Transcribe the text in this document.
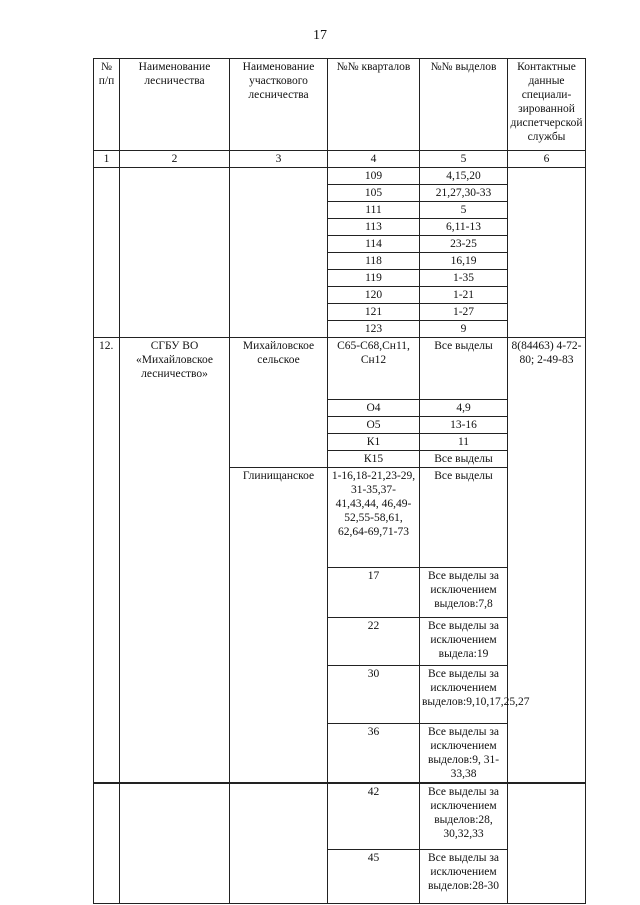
17
№ п/п	Наименование лесничества	Наименование участкового лесничества	№№ кварталов	№№ выделов	Контактные данные специали-зированной диспетчерской службы
1	2	3	4	5	6
			109	4,15,20	
			105	21,27,30-33	
			111	5	
			113	6,11-13	
			114	23-25	
			118	16,19	
			119	1-35	
			120	1-21	
			121	1-27	
			123	9	
12.	СГБУ ВО «Михайловское лесничество»	Михайловское сельское	С65-С68,Сн11, Сн12	Все выделы	8(84463) 4-72-80; 2-49-83
			О4	4,9	
			О5	13-16	
			К1	11	
			К15	Все выделы	
		Глинищанское	1-16,18-21,23-29, 31-35,37-41,43,44, 46,49-52,55-58,61, 62,64-69,71-73	Все выделы	
			17	Все выделы за исключением выделов:7,8	
			22	Все выделы за исключением выдела:19	
			30	Все выделы за исключением выделов:9,10,17,25,27	
			36	Все выделы за исключением выделов:9, 31-33,38	
			42	Все выделы за исключением выделов:28, 30,32,33	
			45	Все выделы за исключением выделов:28-30	
